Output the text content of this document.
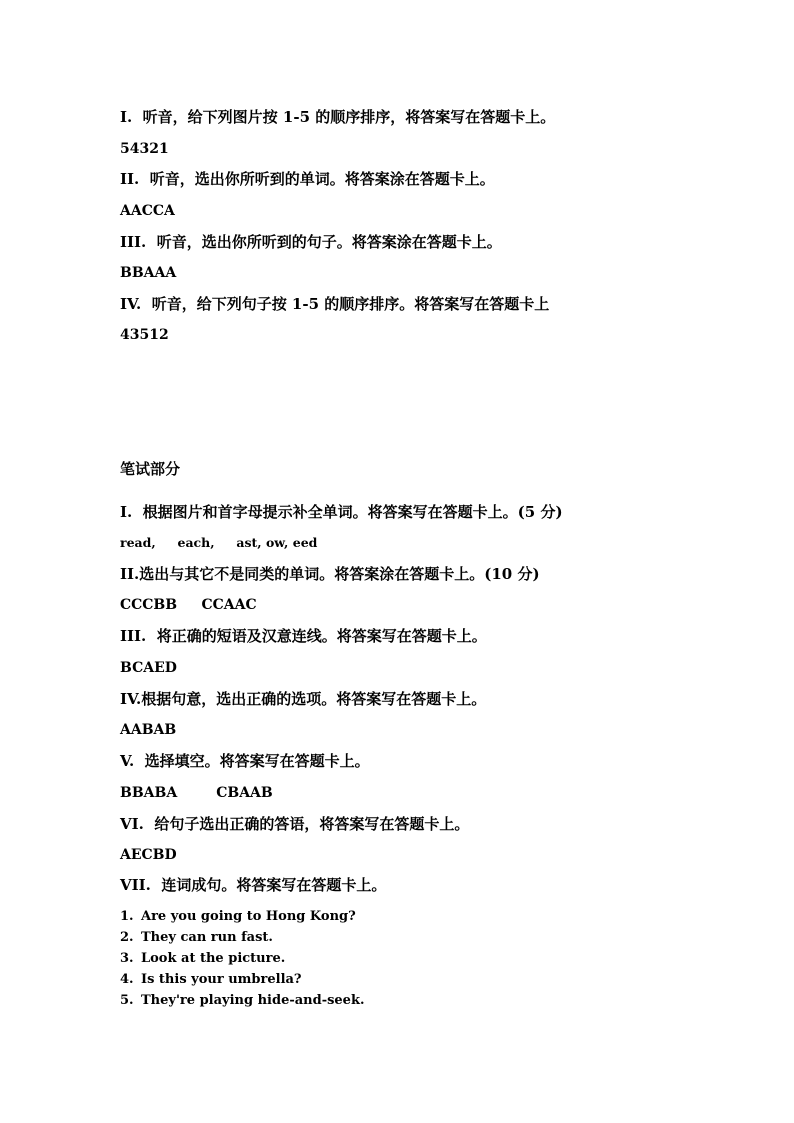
I.  听音，给下列图片按 1-5 的顺序排序，将答案写在答题卡上。
54321
II.  听音，选出你所听到的单词。将答案涂在答题卡上。
AACCA
III.  听音，选出你所听到的句子。将答案涂在答题卡上。
BBAAA
IV.  听音，给下列句子按 1-5 的顺序排序。将答案写在答题卡上
43512
笔试部分
I.  根据图片和首字母提示补全单词。将答案写在答题卡上。(5 分)
read,     each,     ast, ow, eed
II.选出与其它不是同类的单词。将答案涂在答题卡上。(10 分)
CCCBB     CCAAC
III.  将正确的短语及汉意连线。将答案写在答题卡上。
BCAED
IV.根据句意，选出正确的选项。将答案写在答题卡上。
AABAB
V.  选择填空。将答案写在答题卡上。
BBABA        CBAAB
VI.  给句子选出正确的答语，将答案写在答题卡上。
AECBD
VII.  连词成句。将答案写在答题卡上。
1. Are you going to Hong Kong?
2. They can run fast.
3. Look at the picture.
4. Is this your umbrella?
5. They're playing hide-and-seek.
